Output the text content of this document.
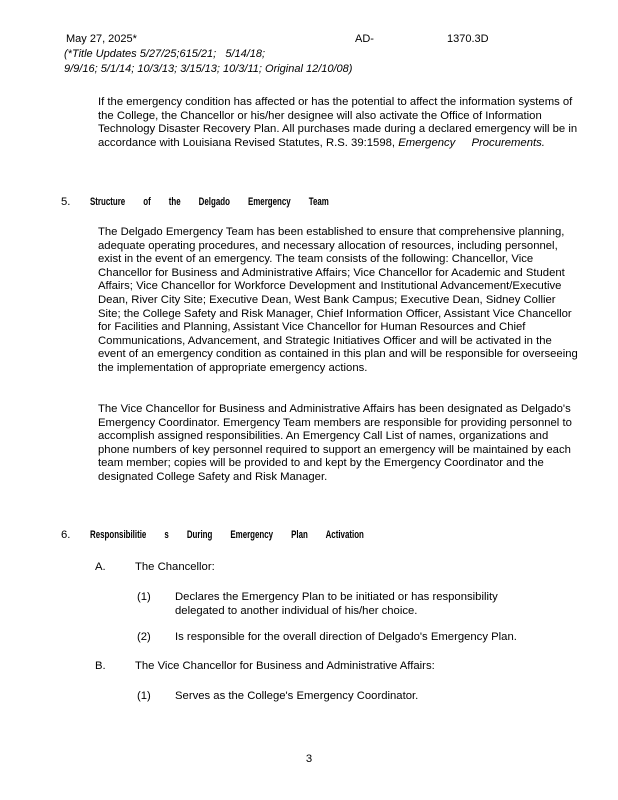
May 27, 2025*	AD-	1370.3D
(*Title Updates 5/27/25;615/21;   5/14/18;
9/9/16; 5/1/14; 10/3/13; 3/15/13; 10/3/11; Original 12/10/08)
If the emergency condition has affected or has the potential to affect the information systems of the College, the Chancellor or his/her designee will also activate the Office of Information Technology Disaster Recovery Plan. All purchases made during a declared emergency will be in accordance with Louisiana Revised Statutes, R.S. 39:1598, Emergency Procurements.
5. Structure of the Delgado Emergency Team
The Delgado Emergency Team has been established to ensure that comprehensive planning, adequate operating procedures, and necessary allocation of resources, including personnel, exist in the event of an emergency. The team consists of the following: Chancellor, Vice Chancellor for Business and Administrative Affairs; Vice Chancellor for Academic and Student Affairs; Vice Chancellor for Workforce Development and Institutional Advancement/Executive Dean, River City Site; Executive Dean, West Bank Campus; Executive Dean, Sidney Collier Site; the College Safety and Risk Manager, Chief Information Officer, Assistant Vice Chancellor for Facilities and Planning, Assistant Vice Chancellor for Human Resources and Chief Communications, Advancement, and Strategic Initiatives Officer and will be activated in the event of an emergency condition as contained in this plan and will be responsible for overseeing the implementation of appropriate emergency actions.
The Vice Chancellor for Business and Administrative Affairs has been designated as Delgado's Emergency Coordinator. Emergency Team members are responsible for providing personnel to accomplish assigned responsibilities. An Emergency Call List of names, organizations and phone numbers of key personnel required to support an emergency will be maintained by each team member; copies will be provided to and kept by the Emergency Coordinator and the designated College Safety and Risk Manager.
6. Responsibilitie s During Emergency Plan Activation
A.	The Chancellor:
(1) Declares the Emergency Plan to be initiated or has responsibility delegated to another individual of his/her choice.
(2) Is responsible for the overall direction of Delgado's Emergency Plan.
B.	The Vice Chancellor for Business and Administrative Affairs:
(1) Serves as the College's Emergency Coordinator.
3
